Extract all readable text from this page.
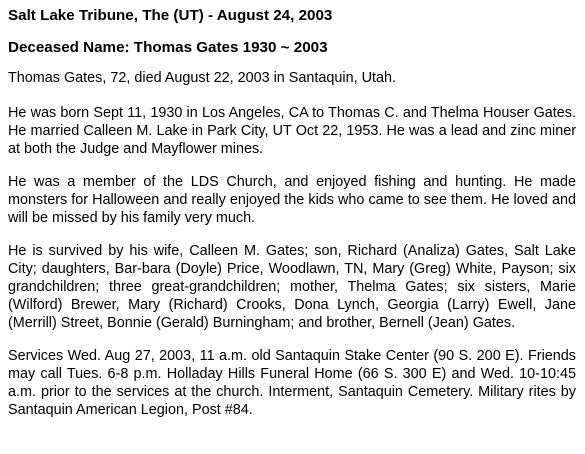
Salt Lake Tribune, The (UT) - August 24, 2003
Deceased Name: Thomas Gates 1930 ~ 2003

Thomas Gates, 72, died August 22, 2003 in Santaquin, Utah.

He was born Sept 11, 1930 in Los Angeles, CA to Thomas C. and Thelma Houser Gates. He married Calleen M. Lake in Park City, UT Oct 22, 1953. He was a lead and zinc miner at both the Judge and Mayflower mines.

He was a member of the LDS Church, and enjoyed fishing and hunting. He made monsters for Halloween and really enjoyed the kids who came to see them. He loved and will be missed by his family very much.

He is survived by his wife, Calleen M. Gates; son, Richard (Analiza) Gates, Salt Lake City; daughters, Bar-bara (Doyle) Price, Woodlawn, TN, Mary (Greg) White, Payson; six grandchildren; three great-grandchildren; mother, Thelma Gates; six sisters, Marie (Wilford) Brewer, Mary (Richard) Crooks, Dona Lynch, Georgia (Larry) Ewell, Jane (Merrill) Street, Bonnie (Gerald) Burningham; and brother, Bernell (Jean) Gates.

Services Wed. Aug 27, 2003, 11 a.m. old Santaquin Stake Center (90 S. 200 E). Friends may call Tues. 6-8 p.m. Holladay Hills Funeral Home (66 S. 300 E) and Wed. 10-10:45 a.m. prior to the services at the church. Interment, Santaquin Cemetery. Military rites by Santaquin American Legion, Post #84.
